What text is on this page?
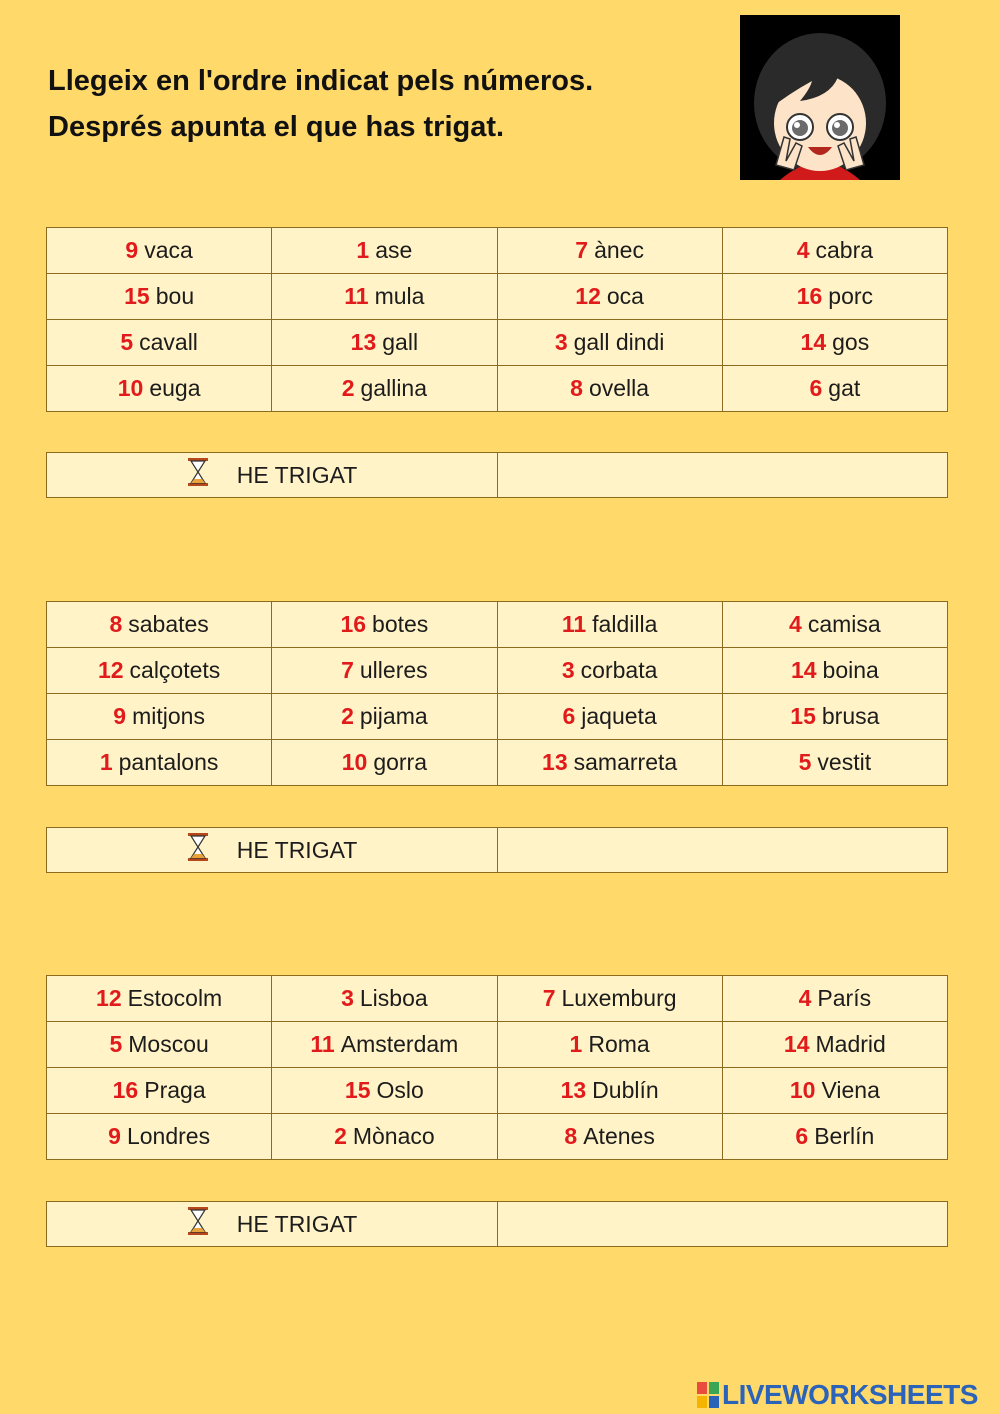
Llegeix en l'ordre indicat pels números.
Després apunta el que has trigat.
9 vaca	1 ase	7 ànec	4 cabra
15 bou	11 mula	12 oca	16 porc
5 cavall	13 gall	3 gall dindi	14 gos
10 euga	2 gallina	8 ovella	6 gat
HE TRIGAT
8 sabates	16 botes	11 faldilla	4 camisa
12 calçotets	7 ulleres	3 corbata	14 boina
9 mitjons	2 pijama	6 jaqueta	15 brusa
1 pantalons	10 gorra	13 samarreta	5 vestit
HE TRIGAT
12 Estocolm	3 Lisboa	7 Luxemburg	4 París
5 Moscou	11 Amsterdam	1 Roma	14 Madrid
16 Praga	15 Oslo	13 Dublín	10 Viena
9 Londres	2 Mònaco	8 Atenes	6 Berlín
HE TRIGAT
LIVEWORKSHEETS
